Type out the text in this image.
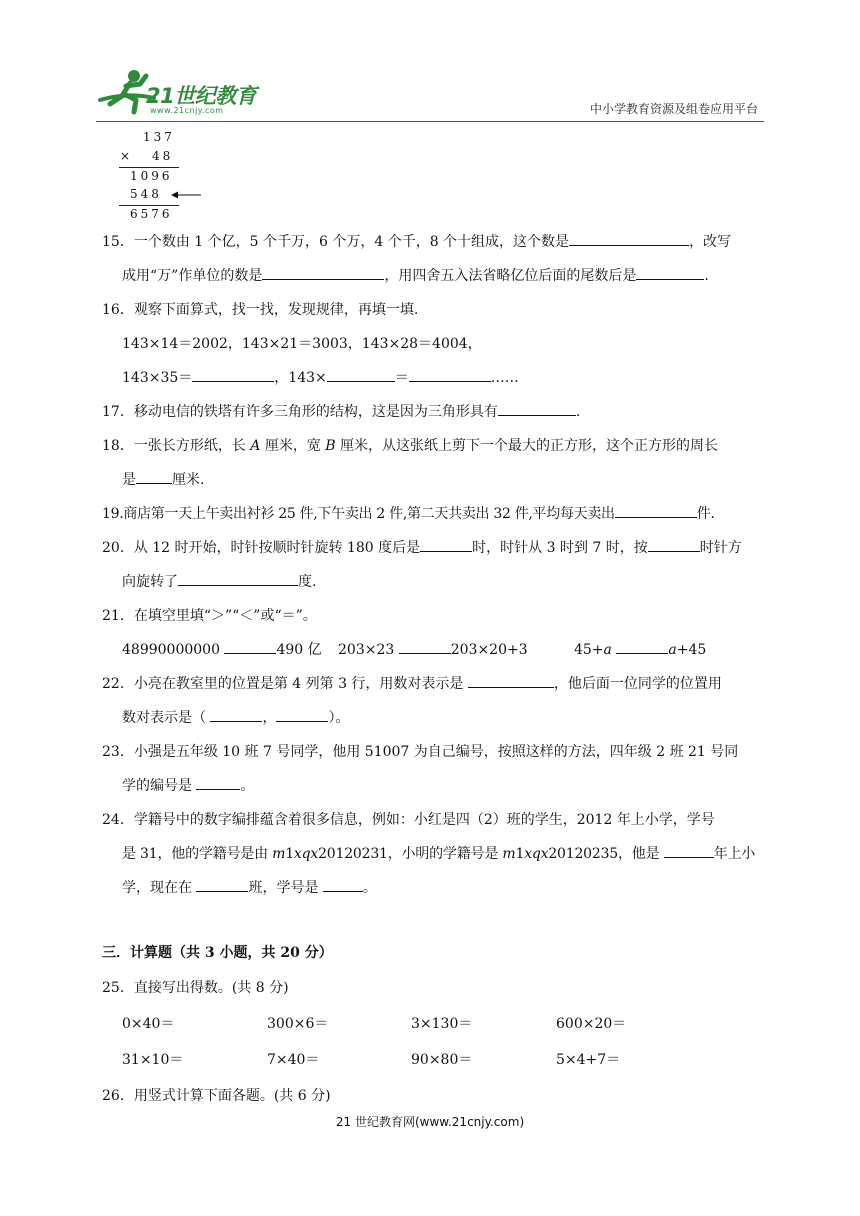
21世纪教育
www.21cnjy.com	中小学教育资源及组卷应用平台
137
× 48
1096
548
6576
15．一个数由 1 个亿，5 个千万，6 个万，4 个千，8 个十组成，这个数是	，改写
成用“万”作单位的数是	，用四舍五入法省略亿位后面的尾数后是	.
16．观察下面算式，找一找，发现规律，再填一填.
143×14＝2002，143×21＝3003，143×28＝4004，
143×35＝	，143×	＝	……
17．移动电信的铁塔有许多三角形的结构，这是因为三角形具有	.
18．一张长方形纸，长 A 厘米，宽 B 厘米，从这张纸上剪下一个最大的正方形，这个正方形的周长
是	厘米.
19.商店第一天上午卖出衬衫 25 件,下午卖出 2 件,第二天共卖出 32 件,平均每天卖出	件.
20．从 12 时开始，时针按顺时针旋转 180 度后是	时，时针从 3 时到 7 时，按	时针方
向旋转了	度.
21．在填空里填“＞”“＜”或“＝”。
48990000000	490 亿 203×23	203×20+3	45+a	a+45
22．小亮在教室里的位置是第 4 列第 3 行，用数对表示是	，他后面一位同学的位置用
数对表示是（	，	）。
23．小强是五年级 10 班 7 号同学，他用 51007 为自己编号，按照这样的方法，四年级 2 班 21 号同
学的编号是	。
24．学籍号中的数字编排蕴含着很多信息，例如：小红是四（2）班的学生，2012 年上小学，学号
是 31，他的学籍号是由 m1xqx20120231，小明的学籍号是 m1xqx20120235，他是	年上小
学，现在在	班，学号是	。
三．计算题（共 3 小题，共 20 分）
25．直接写出得数。(共 8 分)
0×40＝	300×6＝	3×130＝	600×20＝
31×10＝	7×40＝	90×80＝	5×4+7＝
26．用竖式计算下面各题。(共 6 分)
21 世纪教育网(www.21cnjy.com)
